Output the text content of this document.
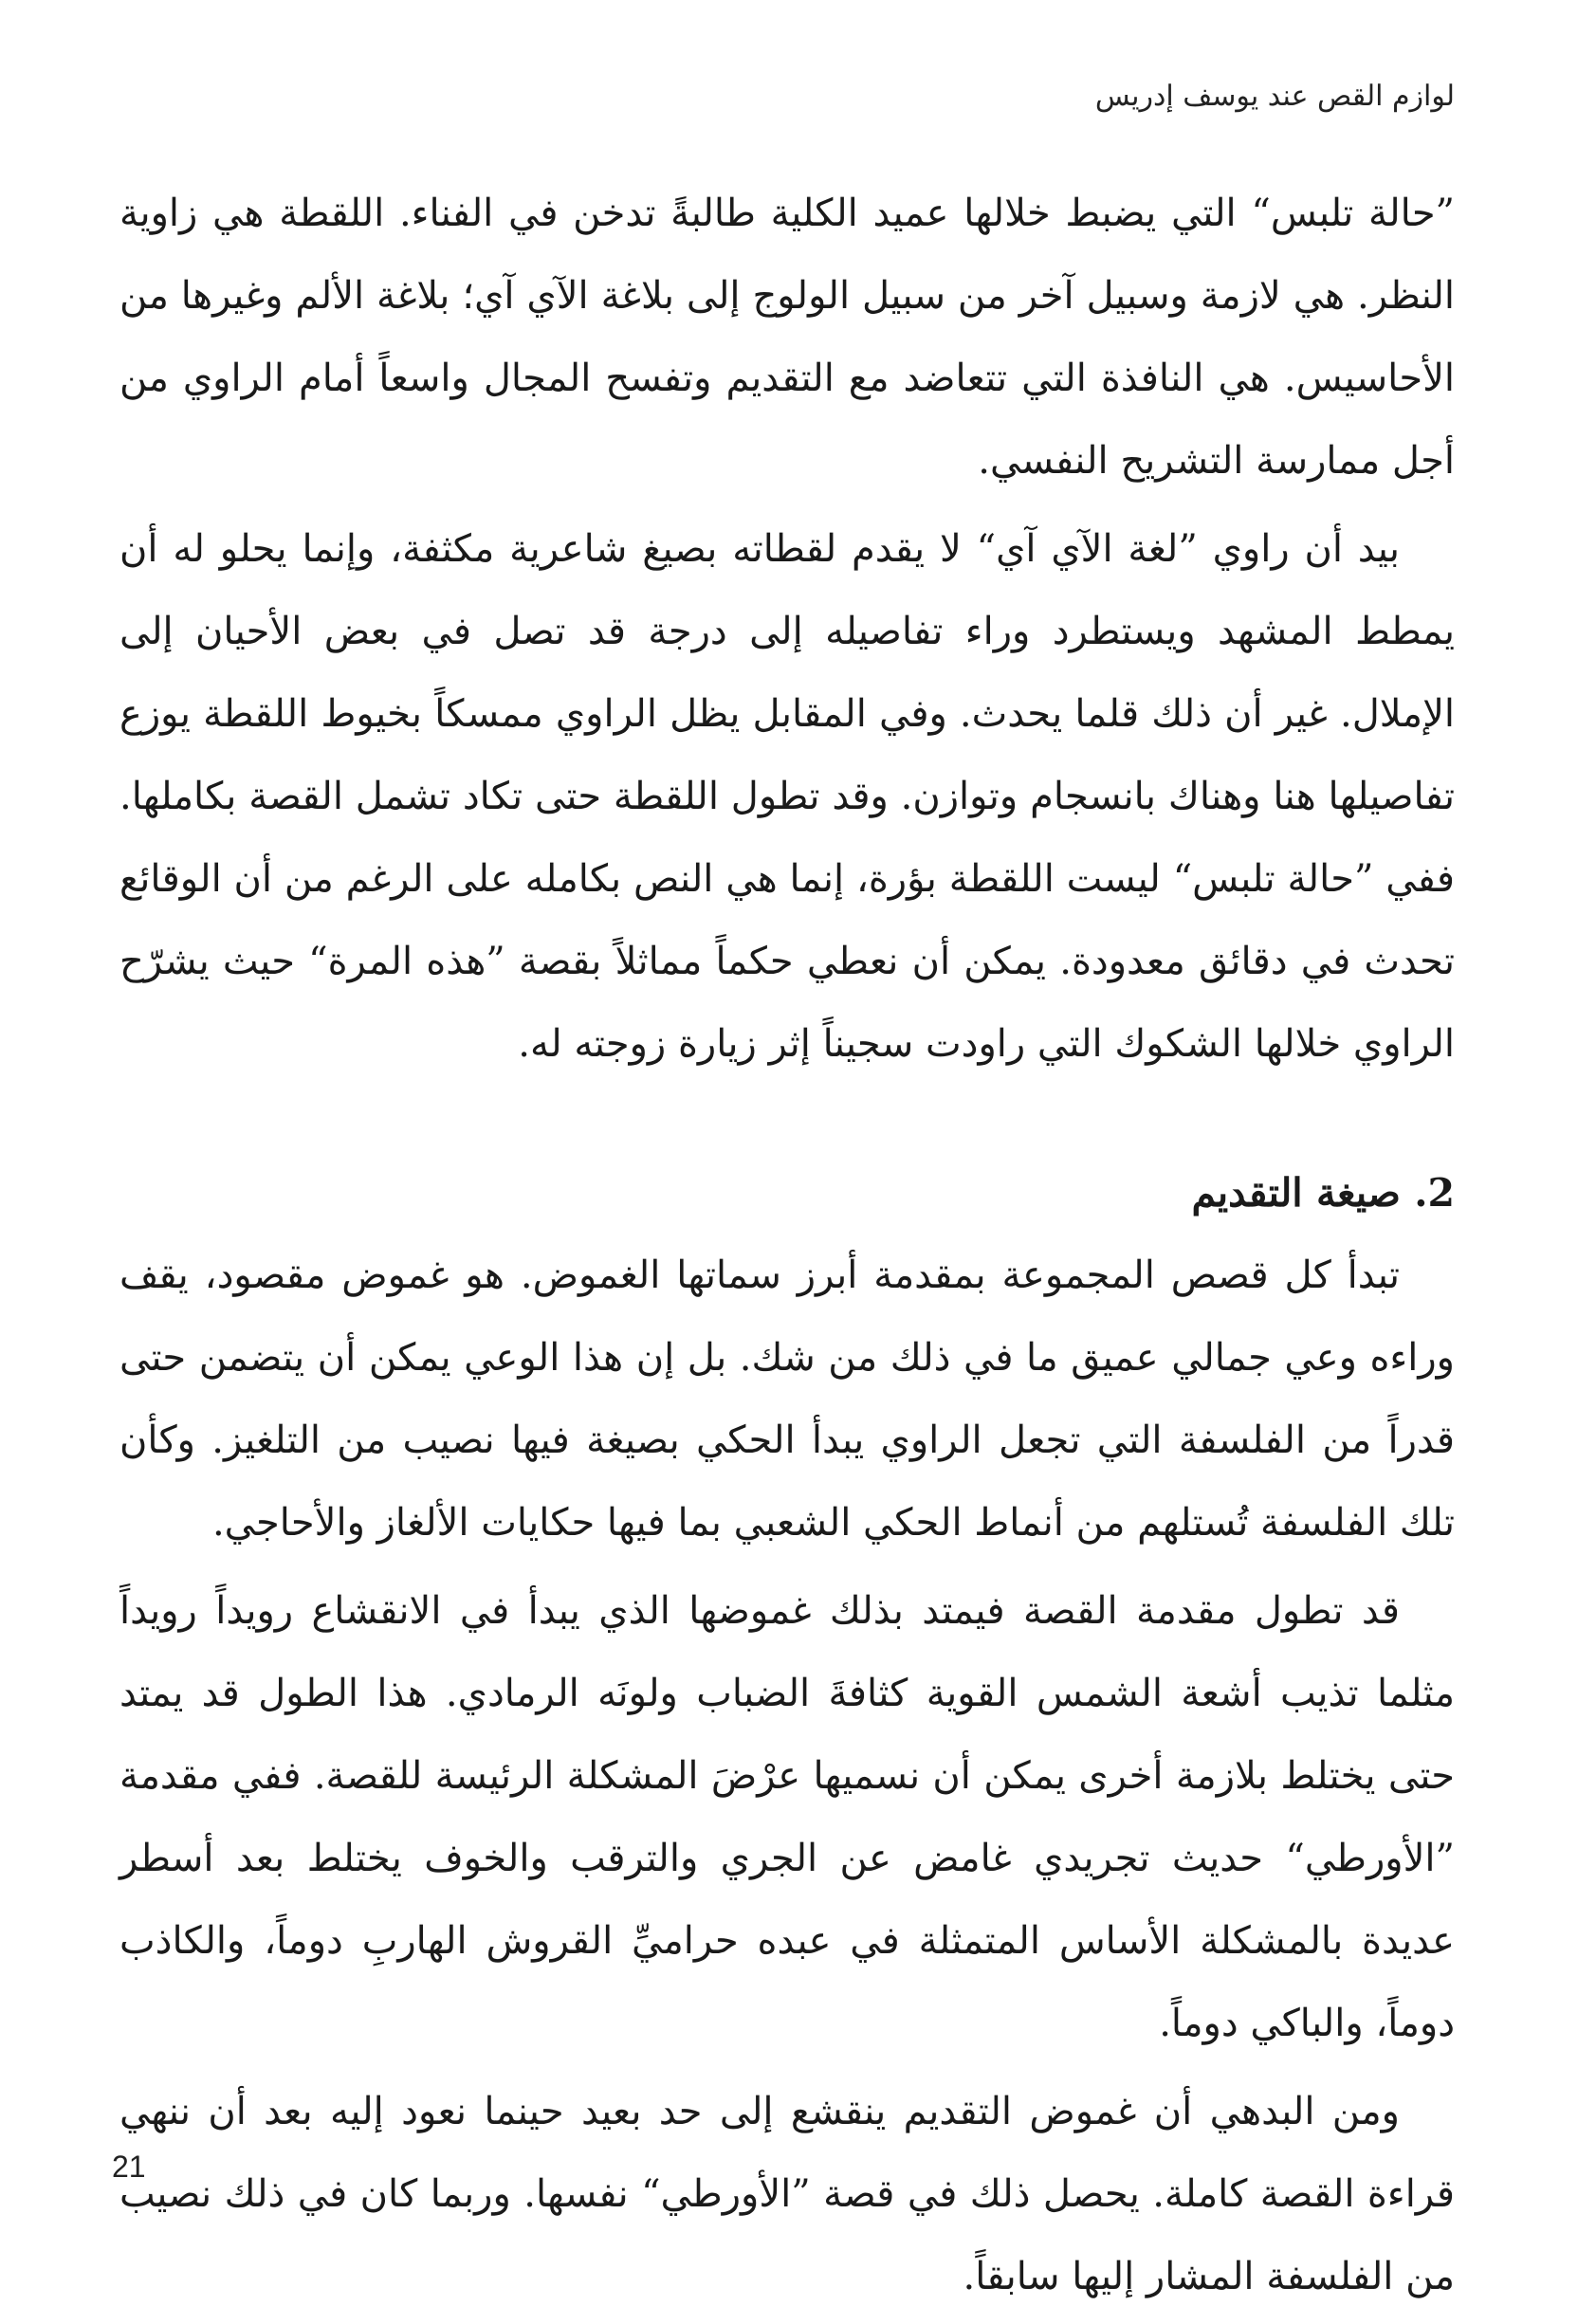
لوازم القص عند يوسف إدريس

”حالة تلبس“ التي يضبط خلالها عميد الكلية طالبةً تدخن في الفناء. اللقطة هي زاوية النظر. هي لازمة وسبيل آخر من سبيل الولوج إلى بلاغة الآي آي؛ بلاغة الألم وغيرها من الأحاسيس. هي النافذة التي تتعاضد مع التقديم وتفسح المجال واسعاً أمام الراوي من أجل ممارسة التشريح النفسي.

بيد أن راوي ”لغة الآي آي“ لا يقدم لقطاته بصيغ شاعرية مكثفة، وإنما يحلو له أن يمطط المشهد ويستطرد وراء تفاصيله إلى درجة قد تصل في بعض الأحيان إلى الإملال. غير أن ذلك قلما يحدث. وفي المقابل يظل الراوي ممسكاً بخيوط اللقطة يوزع تفاصيلها هنا وهناك بانسجام وتوازن. وقد تطول اللقطة حتى تكاد تشمل القصة بكاملها. ففي ”حالة تلبس“ ليست اللقطة بؤرة، إنما هي النص بكامله على الرغم من أن الوقائع تحدث في دقائق معدودة. يمكن أن نعطي حكماً مماثلاً بقصة ”هذه المرة“ حيث يشرّح الراوي خلالها الشكوك التي راودت سجيناً إثر زيارة زوجته له.

2. صيغة التقديم

تبدأ كل قصص المجموعة بمقدمة أبرز سماتها الغموض. هو غموض مقصود، يقف وراءه وعي جمالي عميق ما في ذلك من شك. بل إن هذا الوعي يمكن أن يتضمن حتى قدراً من الفلسفة التي تجعل الراوي يبدأ الحكي بصيغة فيها نصيب من التلغيز. وكأن تلك الفلسفة تُستلهم من أنماط الحكي الشعبي بما فيها حكايات الألغاز والأحاجي.

قد تطول مقدمة القصة فيمتد بذلك غموضها الذي يبدأ في الانقشاع رويداً رويداً مثلما تذيب أشعة الشمس القوية كثافةَ الضباب ولونَه الرمادي. هذا الطول قد يمتد حتى يختلط بلازمة أخرى يمكن أن نسميها عرْضَ المشكلة الرئيسة للقصة. ففي مقدمة ”الأورطي“ حديث تجريدي غامض عن الجري والترقب والخوف يختلط بعد أسطر عديدة بالمشكلة الأساس المتمثلة في عبده حراميِّ القروش الهاربِ دوماً، والكاذب دوماً، والباكي دوماً.

ومن البدهي أن غموض التقديم ينقشع إلى حد بعيد حينما نعود إليه بعد أن ننهي قراءة القصة كاملة. يحصل ذلك في قصة ”الأورطي“ نفسها. وربما كان في ذلك نصيب من الفلسفة المشار إليها سابقاً.

21
